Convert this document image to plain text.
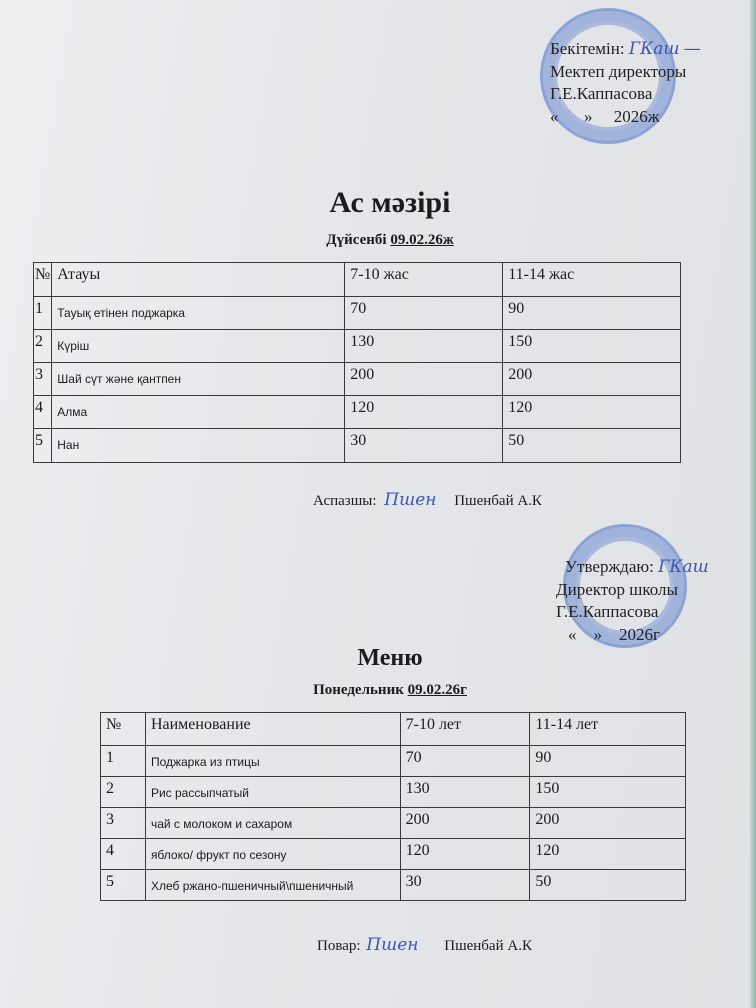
Бекітемін: ГКаш —
Мектеп директоры
Г.Е.Каппасова
«      »     2026ж
Ас мәзірі
Дүйсенбі 09.02.26ж
№	Атауы	7-10 жас	11-14 жас
1	Тауық етінен поджарка	70	90
2	Күріш	130	150
3	Шай сүт және қантпен	200	200
4	Алма	120	120
5	Нан	30	50
Аспазшы: Пшен Пшенбай А.К
Утверждаю: ГКаш
Директор школы
Г.Е.Каппасова
«    »    2026г
Меню
Понедельник 09.02.26г
№	Наименование	7-10 лет	11-14 лет
1	Поджарка из птицы	70	90
2	Рис рассыпчатый	130	150
3	чай с молоком и сахаром	200	200
4	яблоко/ фрукт по сезону	120	120
5	Хлеб ржано-пшеничный\пшеничный	30	50
Повар: Пшен Пшенбай А.К
